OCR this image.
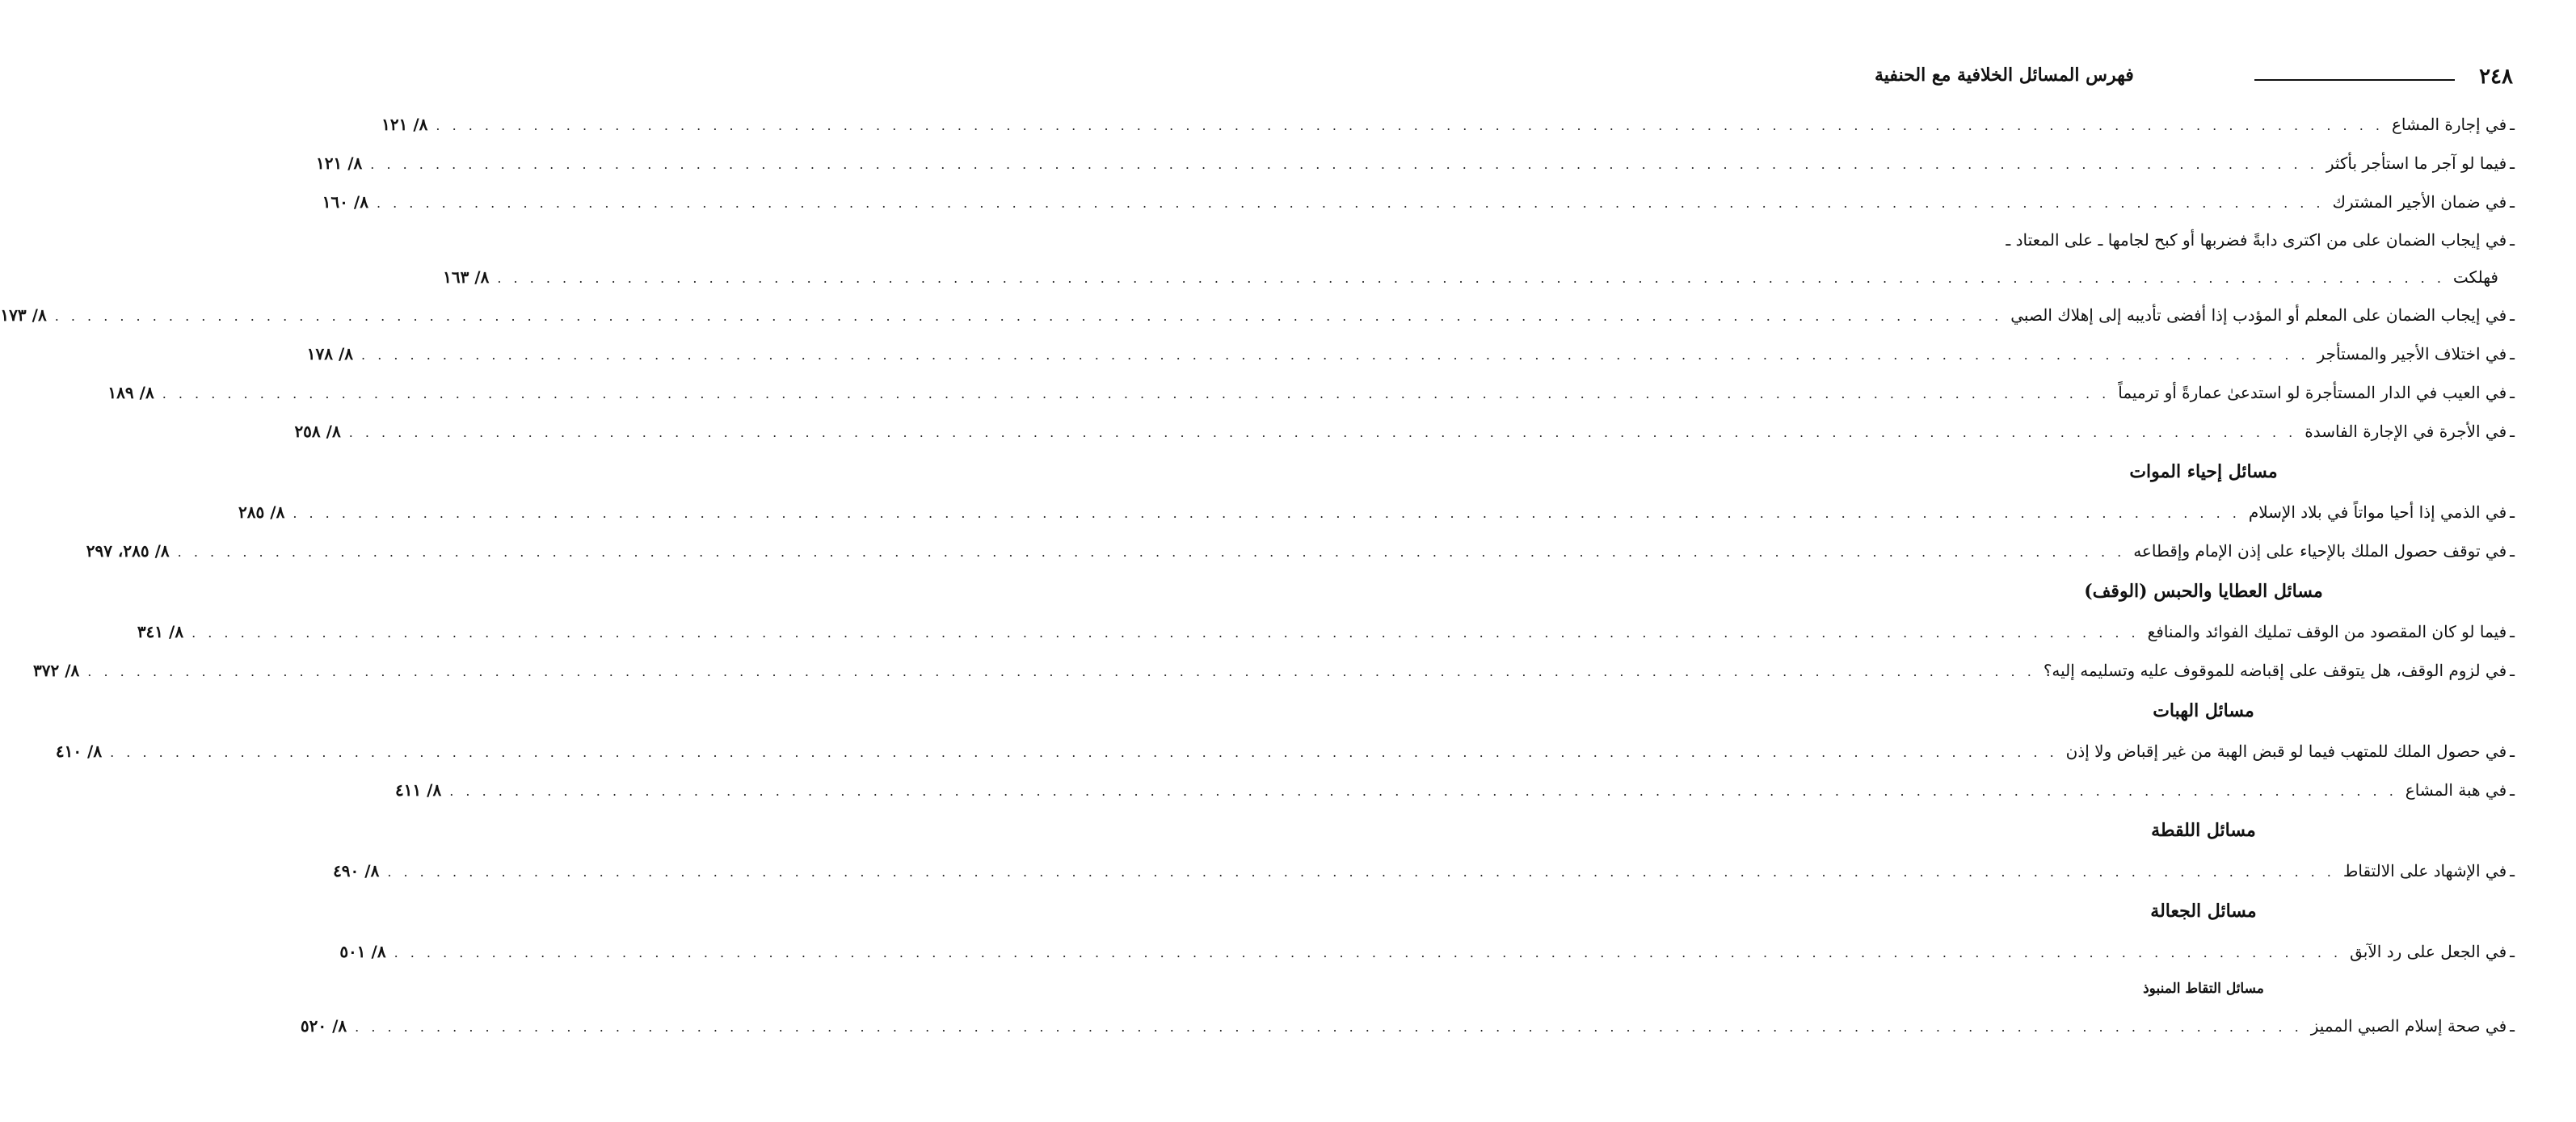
٢٤٨
فهرس المسائل الخلافية مع الحنفية
ـ
في إجارة المشاع
. . . . . . . . . . . . . . . . . . . . . . . . . . . . . . . . . . . . . . . . . . . . . . . . . . . . . . . . . . . . . . . . . . . . . . . . . . . . . . . . . . . . . . . . . . . . . . . . . . . . . . . . . . . . . . . . . . . . . . . .
٨/ ١٢١
ـ
فيما لو آجر ما استأجر بأكثر
. . . . . . . . . . . . . . . . . . . . . . . . . . . . . . . . . . . . . . . . . . . . . . . . . . . . . . . . . . . . . . . . . . . . . . . . . . . . . . . . . . . . . . . . . . . . . . . . . . . . . . . . . . . . . . . . . . . . . . . .
٨/ ١٢١
ـ
في ضمان الأجير المشترك
. . . . . . . . . . . . . . . . . . . . . . . . . . . . . . . . . . . . . . . . . . . . . . . . . . . . . . . . . . . . . . . . . . . . . . . . . . . . . . . . . . . . . . . . . . . . . . . . . . . . . . . . . . . . . . . . . . . . . . . .
٨/ ١٦٠
ـ
في إيجاب الضمان على من اكترى دابةً فضربها أو كبح لجامها ـ على المعتاد ـ
فهلكت
. . . . . . . . . . . . . . . . . . . . . . . . . . . . . . . . . . . . . . . . . . . . . . . . . . . . . . . . . . . . . . . . . . . . . . . . . . . . . . . . . . . . . . . . . . . . . . . . . . . . . . . . . . . . . . . . . . . . . . . .
٨/ ١٦٣
ـ
في إيجاب الضمان على المعلم أو المؤدب إذا أفضى تأديبه إلى إهلاك الصبي
. . . . . . . . . . . . . . . . . . . . . . . . . . . . . . . . . . . . . . . . . . . . . . . . . . . . . . . . . . . . . . . . . . . . . . . . . . . . . . . . . . . . . . . . . . . . . . . . . . . . . . . . . . . . . . . . . . . . . . . .
٨/ ١٧٣
ـ
في اختلاف الأجير والمستأجر
. . . . . . . . . . . . . . . . . . . . . . . . . . . . . . . . . . . . . . . . . . . . . . . . . . . . . . . . . . . . . . . . . . . . . . . . . . . . . . . . . . . . . . . . . . . . . . . . . . . . . . . . . . . . . . . . . . . . . . . .
٨/ ١٧٨
ـ
في العيب في الدار المستأجرة لو استدعىٰ عمارةً أو ترميماً
. . . . . . . . . . . . . . . . . . . . . . . . . . . . . . . . . . . . . . . . . . . . . . . . . . . . . . . . . . . . . . . . . . . . . . . . . . . . . . . . . . . . . . . . . . . . . . . . . . . . . . . . . . . . . . . . . . . . . . . .
٨/ ١٨٩
ـ
في الأجرة في الإجارة الفاسدة
. . . . . . . . . . . . . . . . . . . . . . . . . . . . . . . . . . . . . . . . . . . . . . . . . . . . . . . . . . . . . . . . . . . . . . . . . . . . . . . . . . . . . . . . . . . . . . . . . . . . . . . . . . . . . . . . . . . . . . . .
٨/ ٢٥٨
مسائل إحياء الموات
ـ
في الذمي إذا أحيا مواتاً في بلاد الإسلام
. . . . . . . . . . . . . . . . . . . . . . . . . . . . . . . . . . . . . . . . . . . . . . . . . . . . . . . . . . . . . . . . . . . . . . . . . . . . . . . . . . . . . . . . . . . . . . . . . . . . . . . . . . . . . . . . . . . . . . . .
٨/ ٢٨٥
ـ
في توقف حصول الملك بالإحياء على إذن الإمام وإقطاعه
. . . . . . . . . . . . . . . . . . . . . . . . . . . . . . . . . . . . . . . . . . . . . . . . . . . . . . . . . . . . . . . . . . . . . . . . . . . . . . . . . . . . . . . . . . . . . . . . . . . . . . . . . . . . . . . . . . . . . . . .
٨/ ٢٨٥، ٢٩٧
مسائل العطايا والحبس (الوقف)
ـ
فيما لو كان المقصود من الوقف تمليك الفوائد والمنافع
. . . . . . . . . . . . . . . . . . . . . . . . . . . . . . . . . . . . . . . . . . . . . . . . . . . . . . . . . . . . . . . . . . . . . . . . . . . . . . . . . . . . . . . . . . . . . . . . . . . . . . . . . . . . . . . . . . . . . . . .
٨/ ٣٤١
ـ
في لزوم الوقف، هل يتوقف على إقباضه للموقوف عليه وتسليمه إليه؟
. . . . . . . . . . . . . . . . . . . . . . . . . . . . . . . . . . . . . . . . . . . . . . . . . . . . . . . . . . . . . . . . . . . . . . . . . . . . . . . . . . . . . . . . . . . . . . . . . . . . . . . . . . . . . . . . . . . . . . . .
٨/ ٣٧٢
مسائل الهبات
ـ
في حصول الملك للمتهب فيما لو قبض الهبة من غير إقباض ولا إذن
. . . . . . . . . . . . . . . . . . . . . . . . . . . . . . . . . . . . . . . . . . . . . . . . . . . . . . . . . . . . . . . . . . . . . . . . . . . . . . . . . . . . . . . . . . . . . . . . . . . . . . . . . . . . . . . . . . . . . . . .
٨/ ٤١٠
ـ
في هبة المشاع
. . . . . . . . . . . . . . . . . . . . . . . . . . . . . . . . . . . . . . . . . . . . . . . . . . . . . . . . . . . . . . . . . . . . . . . . . . . . . . . . . . . . . . . . . . . . . . . . . . . . . . . . . . . . . . . . . . . . . . . .
٨/ ٤١١
مسائل اللقطة
ـ
في الإشهاد على الالتقاط
. . . . . . . . . . . . . . . . . . . . . . . . . . . . . . . . . . . . . . . . . . . . . . . . . . . . . . . . . . . . . . . . . . . . . . . . . . . . . . . . . . . . . . . . . . . . . . . . . . . . . . . . . . . . . . . . . . . . . . . .
٨/ ٤٩٠
مسائل الجعالة
ـ
في الجعل على رد الآبق
. . . . . . . . . . . . . . . . . . . . . . . . . . . . . . . . . . . . . . . . . . . . . . . . . . . . . . . . . . . . . . . . . . . . . . . . . . . . . . . . . . . . . . . . . . . . . . . . . . . . . . . . . . . . . . . . . . . . . . . .
٨/ ٥٠١
مسائل التقاط المنبوذ
ـ
في صحة إسلام الصبي المميز
. . . . . . . . . . . . . . . . . . . . . . . . . . . . . . . . . . . . . . . . . . . . . . . . . . . . . . . . . . . . . . . . . . . . . . . . . . . . . . . . . . . . . . . . . . . . . . . . . . . . . . . . . . . . . . . . . . . . . . . .
٨/ ٥٢٠
